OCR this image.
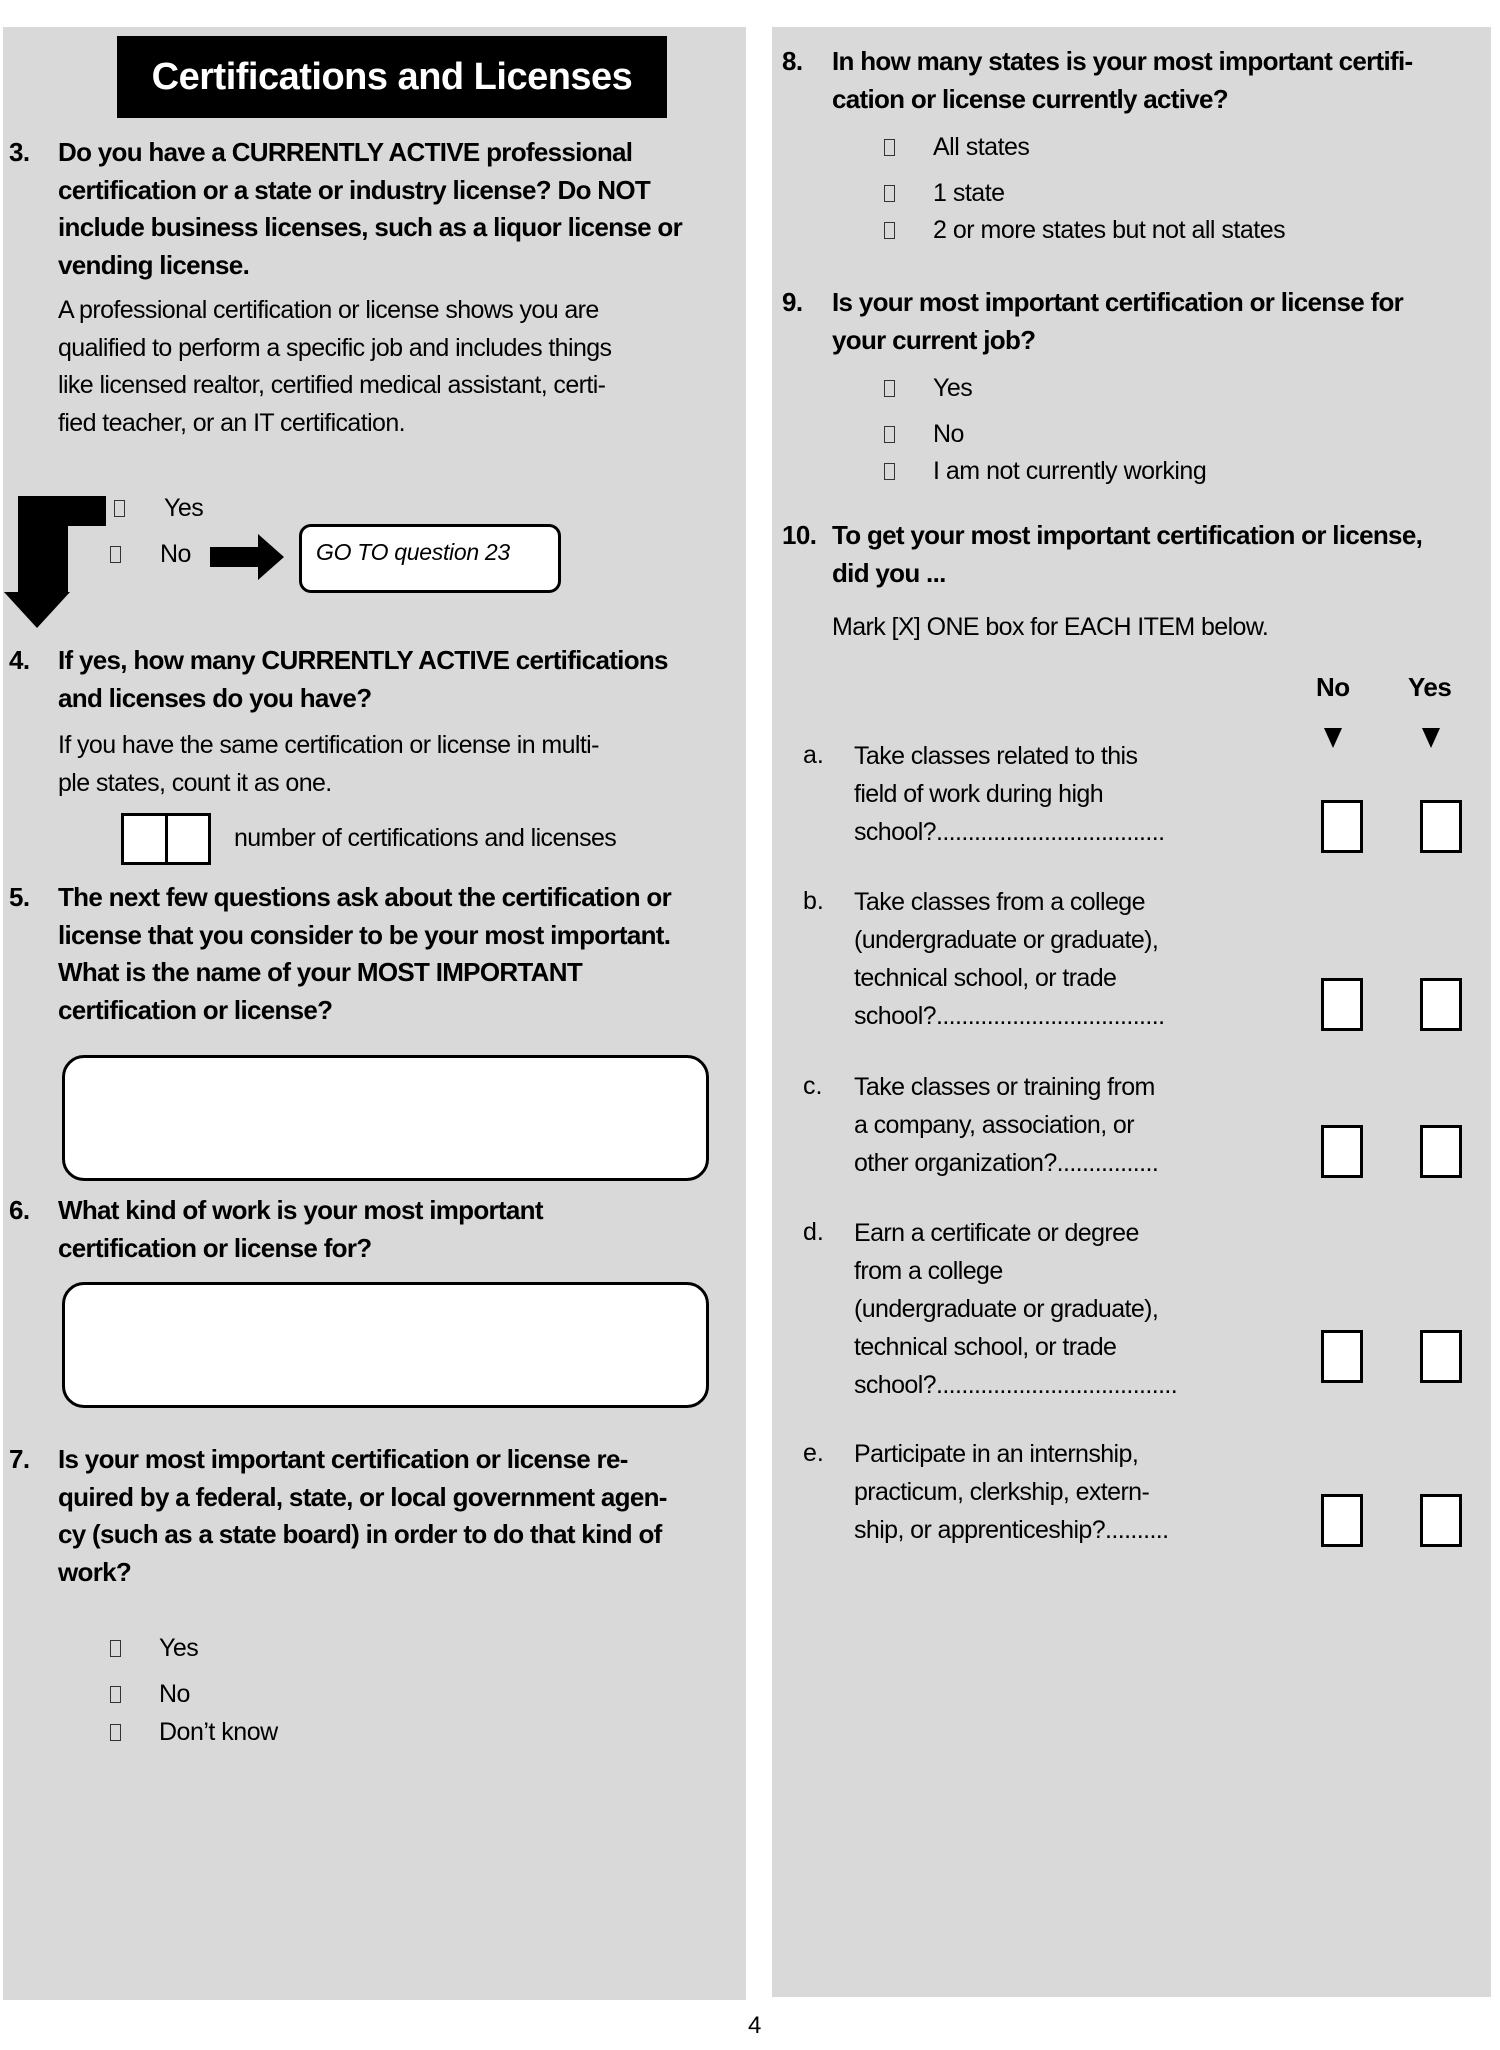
Certifications and Licenses
3. Do you have a CURRENTLY ACTIVE professional
certification or a state or industry license? Do NOT
include business licenses, such as a liquor license or
vending license.
A professional certification or license shows you are
qualified to perform a specific job and includes things
like licensed realtor, certified medical assistant, certi-
fied teacher, or an IT certification.
Yes
No	GO TO question 23
4. If yes, how many CURRENTLY ACTIVE certifications
and licenses do you have?
If you have the same certification or license in multi-
ple states, count it as one.
number of certifications and licenses
5. The next few questions ask about the certification or
license that you consider to be your most important.
What is the name of your MOST IMPORTANT
certification or license?
6. What kind of work is your most important
certification or license for?
7. Is your most important certification or license re-
quired by a federal, state, or local government agen-
cy (such as a state board) in order to do that kind of
work?
Yes
No
Don’t know
8. In how many states is your most important certifi-
cation or license currently active?
All states
1 state
2 or more states but not all states
9. Is your most important certification or license for
your current job?
Yes
No
I am not currently working
10. To get your most important certification or license,
did you ...
Mark [X] ONE box for EACH ITEM below.
No Yes
a. Take classes related to this
field of work during high
school?....................................
b. Take classes from a college
(undergraduate or graduate),
technical school, or trade
school?....................................
c. Take classes or training from
a company, association, or
other organization?................
d. Earn a certificate or degree
from a college
(undergraduate or graduate),
technical school, or trade
school?......................................
e. Participate in an internship,
practicum, clerkship, extern-
ship, or apprenticeship?..........
4
